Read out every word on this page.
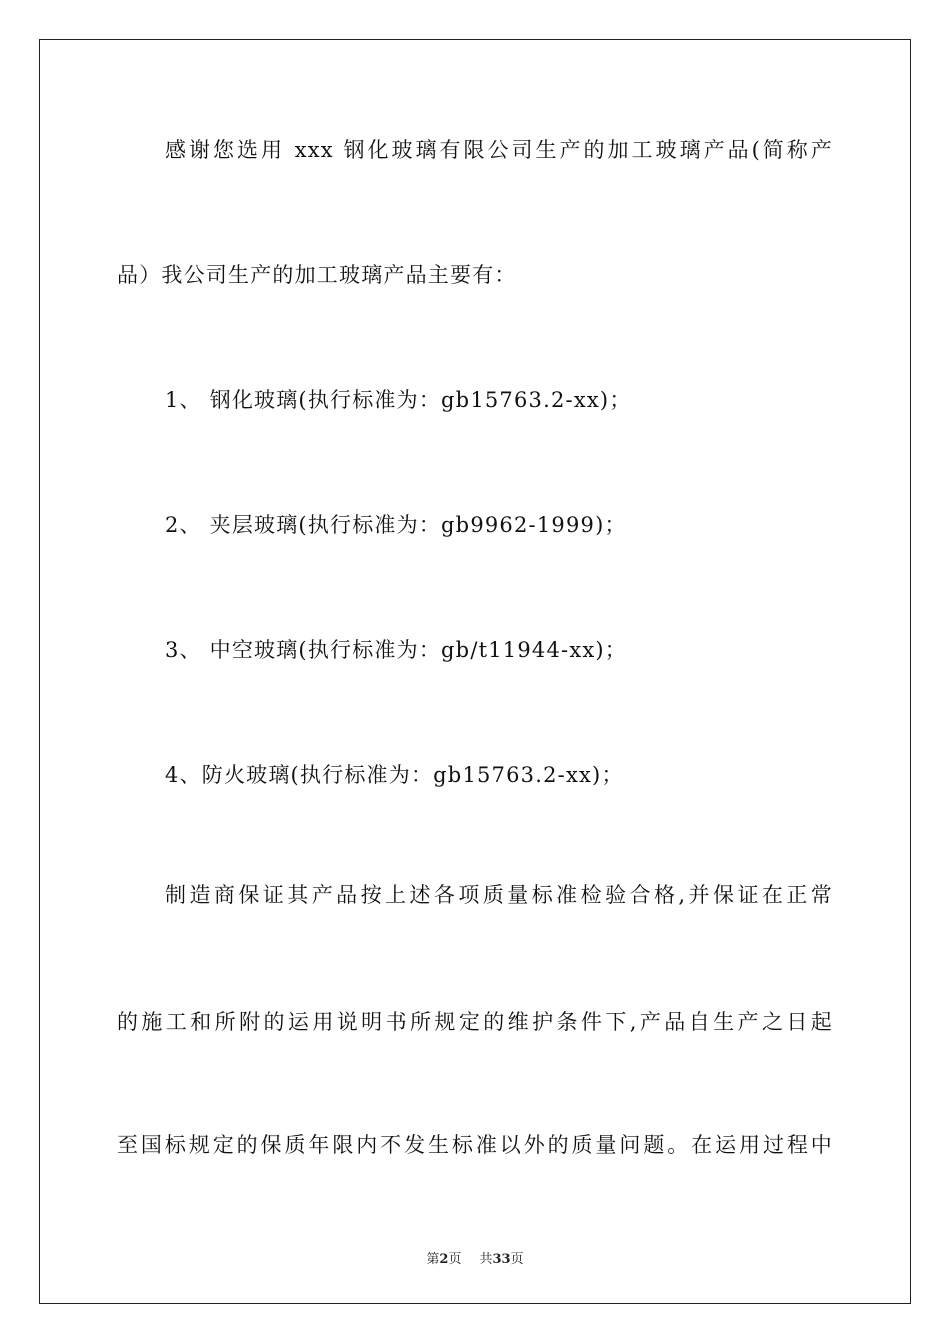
感谢您选用 xxx 钢化玻璃有限公司生产的加工玻璃产品(简称产
品）我公司生产的加工玻璃产品主要有：
1、 钢化玻璃(执行标准为：gb15763.2-xx)；
2、 夹层玻璃(执行标准为：gb9962-1999)；
3、 中空玻璃(执行标准为：gb/t11944-xx)；
4、防火玻璃(执行标准为：gb15763.2-xx)；
制造商保证其产品按上述各项质量标准检验合格,并保证在正常
的施工和所附的运用说明书所规定的维护条件下,产品自生产之日起
至国标规定的保质年限内不发生标准以外的质量问题。在运用过程中
第2页 共33页
